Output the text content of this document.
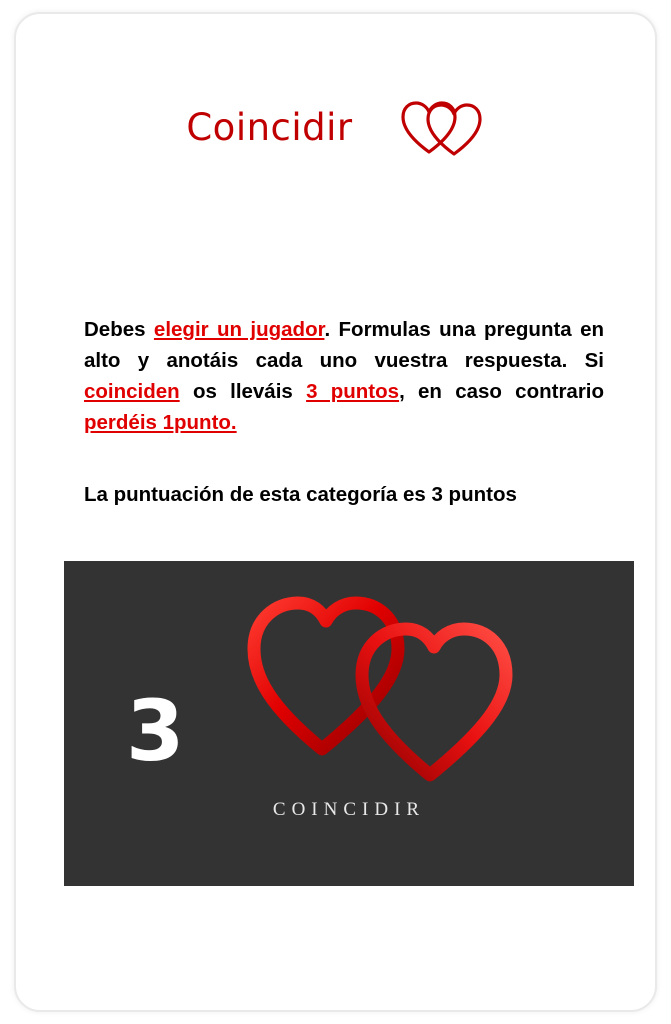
Coincidir
Debes elegir un jugador. Formulas una pregunta en alto y anotáis cada uno vuestra respuesta. Si coinciden os lleváis 3 puntos, en caso contrario perdéis 1punto.
La puntuación de esta categoría es 3 puntos
3
COINCIDIR
